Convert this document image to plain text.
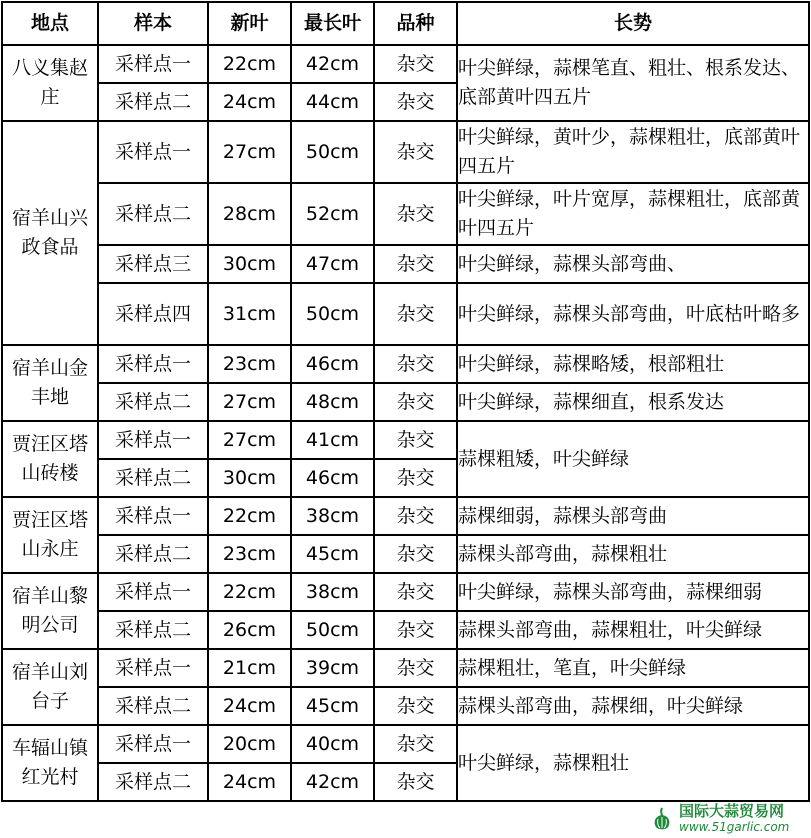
地点	样本	新叶	最长叶	品种	长势
八义集赵庄	采样点一	22cm	42cm	杂交	叶尖鲜绿，蒜棵笔直、粗壮、根系发达、底部黄叶四五片
	采样点二	24cm	44cm	杂交	
宿羊山兴政食品	采样点一	27cm	50cm	杂交	叶尖鲜绿，黄叶少，蒜棵粗壮，底部黄叶四五片
	采样点二	28cm	52cm	杂交	叶尖鲜绿，叶片宽厚，蒜棵粗壮，底部黄叶四五片
	采样点三	30cm	47cm	杂交	叶尖鲜绿，蒜棵头部弯曲、
	采样点四	31cm	50cm	杂交	叶尖鲜绿，蒜棵头部弯曲，叶底枯叶略多
宿羊山金丰地	采样点一	23cm	46cm	杂交	叶尖鲜绿，蒜棵略矮，根部粗壮
	采样点二	27cm	48cm	杂交	叶尖鲜绿，蒜棵细直，根系发达
贾汪区塔山砖楼	采样点一	27cm	41cm	杂交	蒜棵粗矮，叶尖鲜绿
	采样点二	30cm	46cm	杂交	
贾汪区塔山永庄	采样点一	22cm	38cm	杂交	蒜棵细弱，蒜棵头部弯曲
	采样点二	23cm	45cm	杂交	蒜棵头部弯曲，蒜棵粗壮
宿羊山黎明公司	采样点一	22cm	38cm	杂交	叶尖鲜绿，蒜棵头部弯曲，蒜棵细弱
	采样点二	26cm	50cm	杂交	蒜棵头部弯曲，蒜棵粗壮，叶尖鲜绿
宿羊山刘台子	采样点一	21cm	39cm	杂交	蒜棵粗壮，笔直，叶尖鲜绿
	采样点二	24cm	45cm	杂交	蒜棵头部弯曲，蒜棵细，叶尖鲜绿
车辐山镇红光村	采样点一	20cm	40cm	杂交	叶尖鲜绿，蒜棵粗壮
	采样点二	24cm	42cm	杂交	
国际大蒜贸易网
www.51garlic.com
